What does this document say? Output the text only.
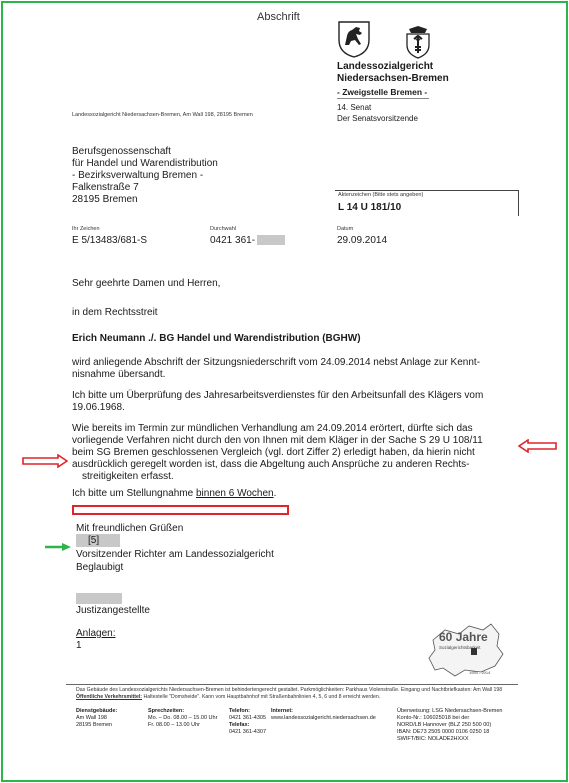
Abschrift
Landessozialgericht
Niedersachsen-Bremen
- Zweigstelle Bremen -
14. Senat
Der Senatsvorsitzende
Landessozialgericht Niedersachsen-Bremen, Am Wall 198, 28195 Bremen
Berufsgenossenschaft
für Handel und Warendistribution
- Bezirksverwaltung Bremen -
Falkenstraße 7
28195 Bremen	Aktenzeichen (Bitte stets angeben)
L 14 U 181/10
Ihr Zeichen
E 5/13483/681-S
Durchwahl
0421 361-
Datum
29.09.2014
Sehr geehrte Damen und Herren,
in dem Rechtsstreit
Erich Neumann ./. BG Handel und Warendistribution (BGHW)
wird anliegende Abschrift der Sitzungsniederschrift vom 24.09.2014 nebst Anlage zur Kennt-
nisnahme übersandt.
Ich bitte um Überprüfung des Jahresarbeitsverdienstes für den Arbeitsunfall des Klägers vom
19.06.1968.
Wie bereits im Termin zur mündlichen Verhandlung am 24.09.2014 erörtert, dürfte sich das
vorliegende Verfahren nicht durch den von Ihnen mit dem Kläger in der Sache S 29 U 108/11
beim SG Bremen geschlossenen Vergleich (vgl. dort Ziffer 2) erledigt haben, da hierin nicht
ausdrücklich geregelt worden ist, dass die Abgeltung auch Ansprüche zu anderen Rechts-
streitigkeiten erfasst.
Ich bitte um Stellungnahme binnen 6 Wochen.
Mit freundlichen Grüßen
[5]
Vorsitzender Richter am Landessozialgericht
Beglaubigt
Justizangestellte
Anlagen:
1
60 Jahre
Sozialgerichtsbarkeit
1954 - 2014
Das Gebäude des Landessozialgerichts Niedersachsen-Bremen ist behindertengerecht gestaltet. Parkmöglichkeiten: Parkhaus Violenstraße. Eingang und Nachtbriefkasten: Am Wall 198
Öffentliche Verkehrsmittel: Haltestelle "Domsheide". Kann vom Hauptbahnhof mit Straßenbahnlinien 4, 5, 6 und 8 erreicht werden.
Dienstgebäude:
Am Wall 198
28195 Bremen
Sprechzeiten:
Mo. – Do. 08.00 – 15.00 Uhr
Fr. 08.00 – 13.00 Uhr
Telefon:
0421 361-4305
Telefax:
0421 361-4307
Internet:
www.landessozialgericht.niedersachsen.de
Überweisung: LSG Niedersachsen-Bremen
Konto-Nr.: 106025018 bei der
NORD/LB Hannover (BLZ 250 500 00)
IBAN: DE73 2505 0000 0106 0250 18
SWIFT/BIC: NOLADE2HXXX
